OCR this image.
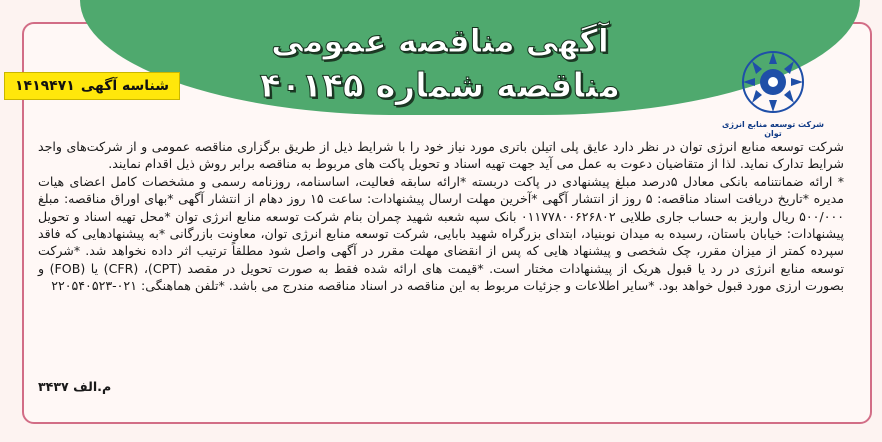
آگهی مناقصه عمومی
مناقصه شماره ۴۰۱۴۵
شرکت توسعه منابع انرژی توان
شناسه آگهی
۱۴۱۹۴۷۱

شرکت توسعه منابع انرژی توان در نظر دارد عایق پلی اتیلن باتری مورد نیاز خود را با شرایط ذیل از طریق برگزاری مناقصه عمومی و از شرکت‌های واجد شرایط تدارک نماید. لذا از متقاضیان دعوت به عمل می آید جهت تهیه اسناد و تحویل پاکت های مربوط به مناقصه برابر روش ذیل اقدام نمایند.

* ارائه ضمانتنامه بانکی معادل ۵درصد مبلغ پیشنهادی در پاکت دربسته *ارائه سابقه فعالیت، اساسنامه، روزنامه رسمی و مشخصات کامل اعضای هیات مدیره *تاریخ دریافت اسناد مناقصه: ۵ روز از انتشار آگهی *آخرین مهلت ارسال پیشنهادات: ساعت ۱۵ روز دهام از انتشار آگهی *بهای اوراق مناقصه: مبلغ ۵۰۰/۰۰۰ ریال واریز به حساب جاری طلایی ۰۱۱۷۷۸۰۰۶۲۶۸۰۲ بانک سپه شعبه شهید چمران بنام شرکت توسعه منابع انرژی توان *محل تهیه اسناد و تحویل پیشنهادات: خیابان باستان، رسیده به میدان نوبنیاد، ابتدای بزرگراه شهید بابایی، شرکت توسعه منابع انرژی توان، معاونت بازرگانی *به پیشنهادهایی که فاقد سپرده کمتر از میزان مقرر، چک شخصی و پیشنهاد هایی که پس از انقضای مهلت مقرر در آگهی واصل شود مطلقاً ترتیب اثر داده نخواهد شد. *شرکت توسعه منابع انرژی در رد یا قبول هریک از پیشنهادات مختار است. *قیمت های ارائه شده فقط به صورت تحویل در مقصد (CPT)، (CFR) یا (FOB) و بصورت ارزی مورد قبول خواهد بود. *سایر اطلاعات و جزئیات مربوط به این مناقصه در اسناد مناقصه مندرج می باشد. *تلفن هماهنگی: ۰۲۱-۲۲۰۵۴۰۵۲۳

م.الف ۳۴۳۷
